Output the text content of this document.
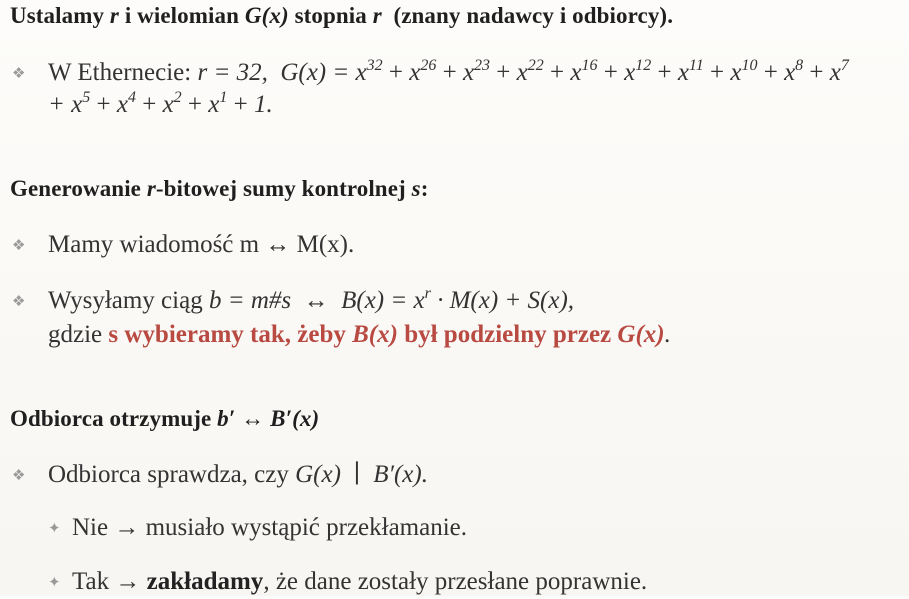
Ustalamy r i wielomian G(x) stopnia r  (znany nadawcy i odbiorcy).
❖ W Ethernecie: r = 32,  $G(x) = x^{32} + x^{26} + x^{23} + x^{22} + x^{16} + x^{12} + x^{11} + x^{10} + x^8 + x^7$
+ $x^5 + x^4 + x^2 + x^1 + 1$.
Generowanie r-bitowej sumy kontrolnej s:
❖ Mamy wiadomość m ↔ M(x).
❖ Wysyłamy ciąg b = m#s  ↔  $B(x) = x^r \cdot M(x) + S(x)$,
gdzie s wybieramy tak, żeby B(x) był podzielny przez G(x).
Odbiorca otrzymuje b′ ↔ B′(x)
❖ Odbiorca sprawdza, czy G(x)  ∣  B′(x).
✦ Nie → musiało wystąpić przekłamanie.
✦ Tak → zakładamy, że dane zostały przesłane poprawnie.
